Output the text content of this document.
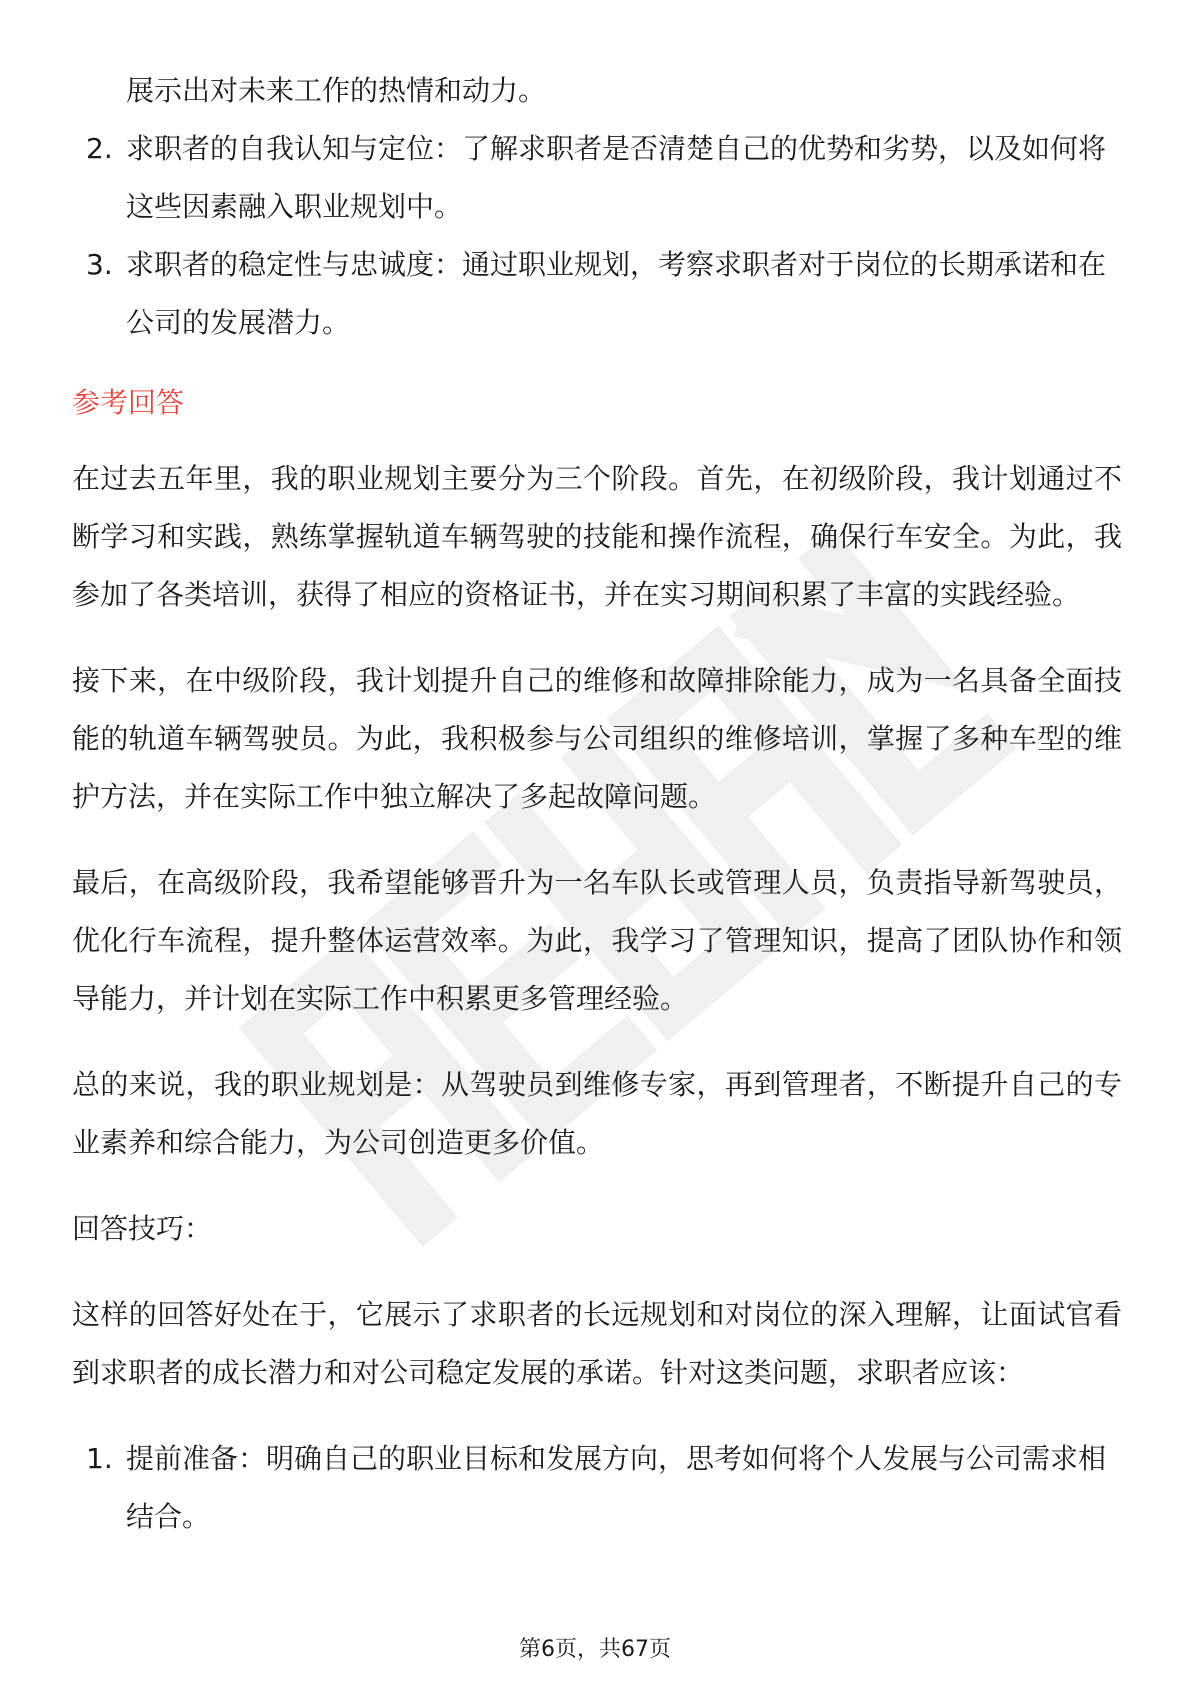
展示出对未来工作的热情和动力。
2. 求职者的自我认知与定位：了解求职者是否清楚自己的优势和劣势，以及如何将这些因素融入职业规划中。
3. 求职者的稳定性与忠诚度：通过职业规划，考察求职者对于岗位的长期承诺和在公司的发展潜力。
参考回答

在过去五年里，我的职业规划主要分为三个阶段。首先，在初级阶段，我计划通过不断学习和实践，熟练掌握轨道车辆驾驶的技能和操作流程，确保行车安全。为此，我参加了各类培训，获得了相应的资格证书，并在实习期间积累了丰富的实践经验。

接下来，在中级阶段，我计划提升自己的维修和故障排除能力，成为一名具备全面技能的轨道车辆驾驶员。为此，我积极参与公司组织的维修培训，掌握了多种车型的维护方法，并在实际工作中独立解决了多起故障问题。

最后，在高级阶段，我希望能够晋升为一名车队长或管理人员，负责指导新驾驶员，优化行车流程，提升整体运营效率。为此，我学习了管理知识，提高了团队协作和领导能力，并计划在实际工作中积累更多管理经验。

总的来说，我的职业规划是：从驾驶员到维修专家，再到管理者，不断提升自己的专业素养和综合能力，为公司创造更多价值。

回答技巧：

这样的回答好处在于，它展示了求职者的长远规划和对岗位的深入理解，让面试官看到求职者的成长潜力和对公司稳定发展的承诺。针对这类问题，求职者应该：

1. 提前准备：明确自己的职业目标和发展方向，思考如何将个人发展与公司需求相结合。
第6页，共67页
